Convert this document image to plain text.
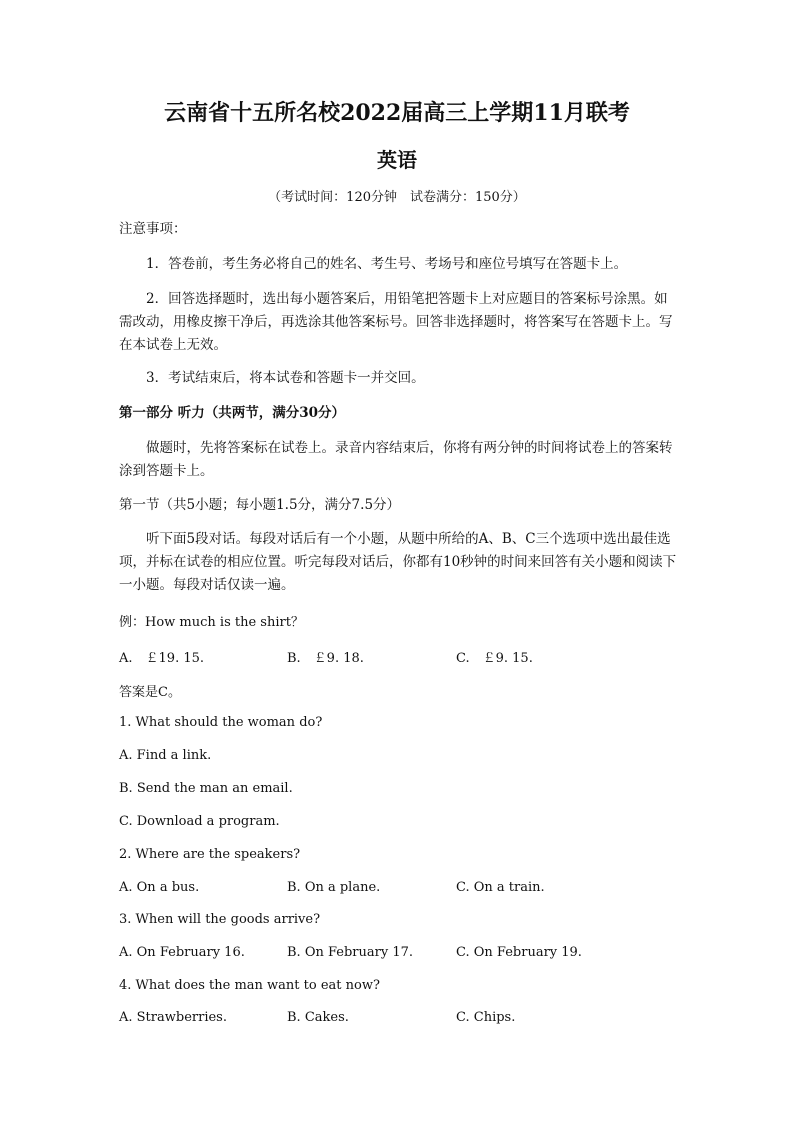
云南省十五所名校2022届高三上学期11月联考
英语
（考试时间：120分钟　试卷满分：150分）
注意事项：
1．答卷前，考生务必将自己的姓名、考生号、考场号和座位号填写在答题卡上。
2．回答选择题时，选出每小题答案后，用铅笔把答题卡上对应题目的答案标号涂黑。如需改动，用橡皮擦干净后，再选涂其他答案标号。回答非选择题时，将答案写在答题卡上。写在本试卷上无效。
3．考试结束后，将本试卷和答题卡一并交回。
第一部分 听力（共两节，满分30分）
做题时，先将答案标在试卷上。录音内容结束后，你将有两分钟的时间将试卷上的答案转涂到答题卡上。
第一节（共5小题；每小题1.5分，满分7.5分）
听下面5段对话。每段对话后有一个小题，从题中所给的A、B、C三个选项中选出最佳选项，并标在试卷的相应位置。听完每段对话后，你都有10秒钟的时间来回答有关小题和阅读下一小题。每段对话仅读一遍。
例：How much is the shirt？
A.　￡19. 15.	B.　￡9. 18.	C.　￡9. 15.
答案是C。
1. What should the woman do?
A. Find a link.
B. Send the man an email.
C. Download a program.
2. Where are the speakers?
A. On a bus.	B. On a plane.	C. On a train.
3. When will the goods arrive?
A. On February 16.	B. On February 17.	C. On February 19.
4. What does the man want to eat now?
A. Strawberries.	B. Cakes.	C. Chips.
